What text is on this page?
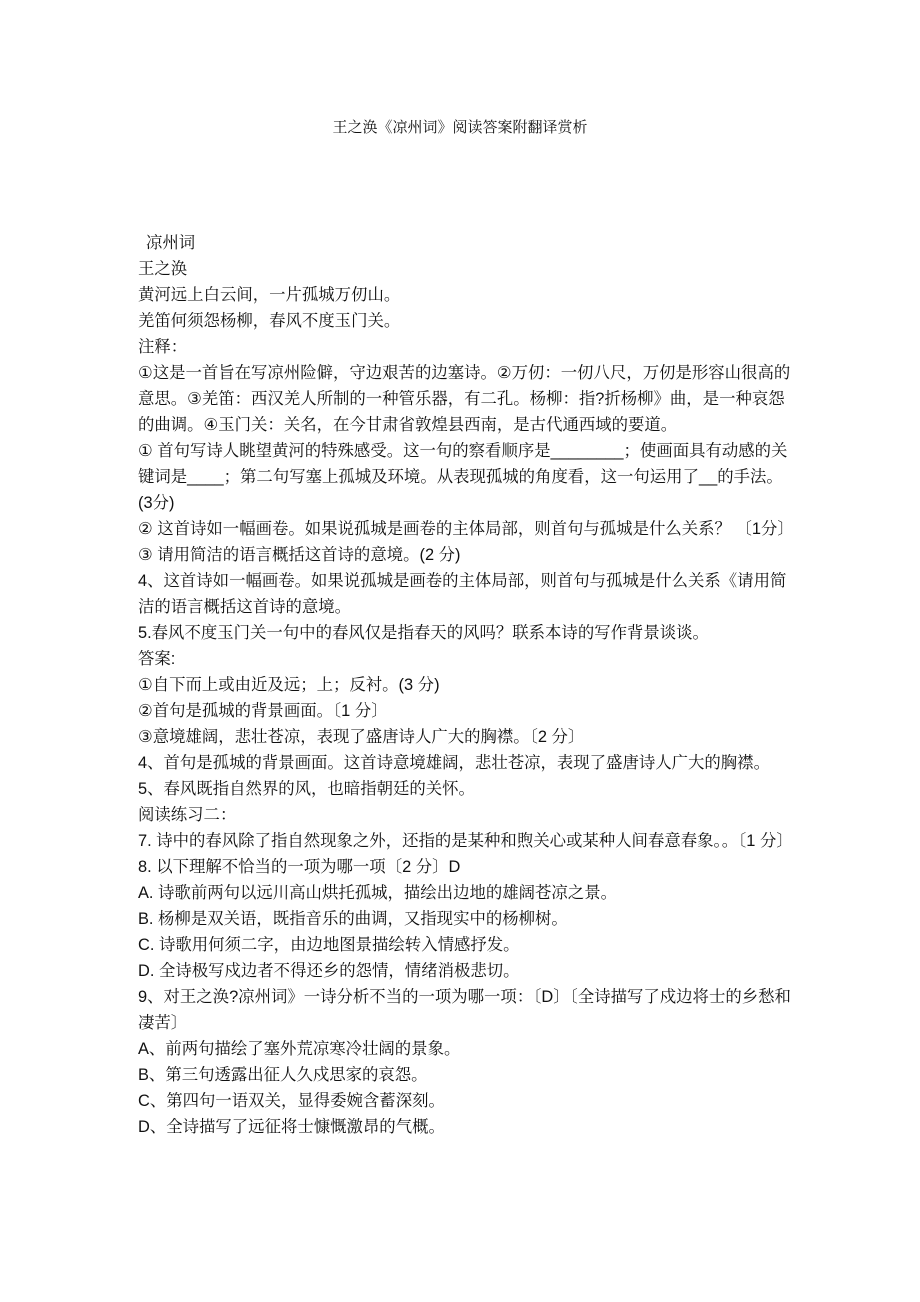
王之涣《凉州词》阅读答案附翻译赏析

凉州词

王之涣

黄河远上白云间，一片孤城万仞山。

羌笛何须怨杨柳，春风不度玉门关。

注释：

①这是一首旨在写凉州险僻，守边艰苦的边塞诗。②万仞：一仞八尺，万仞是形容山很高的意思。③羌笛：西汉羌人所制的一种管乐器，有二孔。杨柳：指?折杨柳》曲，是一种哀怨的曲调。④玉门关：关名，在今甘肃省敦煌县西南，是古代通西域的要道。

① 首句写诗人眺望黄河的特殊感受。这一句的察看顺序是________；使画面具有动感的关键词是____；第二句写塞上孤城及环境。从表现孤城的角度看，这一句运用了__的手法。(3分)

② 这首诗如一幅画卷。如果说孤城是画卷的主体局部，则首句与孤城是什么关系？ 〔1分〕

③ 请用简洁的语言概括这首诗的意境。(2 分)

4、这首诗如一幅画卷。如果说孤城是画卷的主体局部，则首句与孤城是什么关系《请用简洁的语言概括这首诗的意境。

5.春风不度玉门关一句中的春风仅是指春天的风吗？联系本诗的写作背景谈谈。

答案:

①自下而上或由近及远；上；反衬。(3 分)

②首句是孤城的背景画面。〔1 分〕

③意境雄阔，悲壮苍凉，表现了盛唐诗人广大的胸襟。〔2 分〕

4、首句是孤城的背景画面。这首诗意境雄阔，悲壮苍凉，表现了盛唐诗人广大的胸襟。

5、春风既指自然界的风，也暗指朝廷的关怀。

阅读练习二：

7. 诗中的春风除了指自然现象之外，还指的是某种和煦关心或某种人间春意春象。。〔1 分〕

8. 以下理解不恰当的一项为哪一项〔2 分〕D

A. 诗歌前两句以远川高山烘托孤城，描绘出边地的雄阔苍凉之景。

B. 杨柳是双关语，既指音乐的曲调，又指现实中的杨柳树。

C. 诗歌用何须二字，由边地图景描绘转入情感抒发。

D. 全诗极写戍边者不得还乡的怨情，情绪消极悲切。

9、对王之涣?凉州词》一诗分析不当的一项为哪一项：〔D〕〔全诗描写了戍边将士的乡愁和凄苦〕

A、前两句描绘了塞外荒凉寒冷壮阔的景象。

B、第三句透露出征人久戍思家的哀怨。

C、第四句一语双关，显得委婉含蓄深刻。

D、全诗描写了远征将士慷慨激昂的气概。
